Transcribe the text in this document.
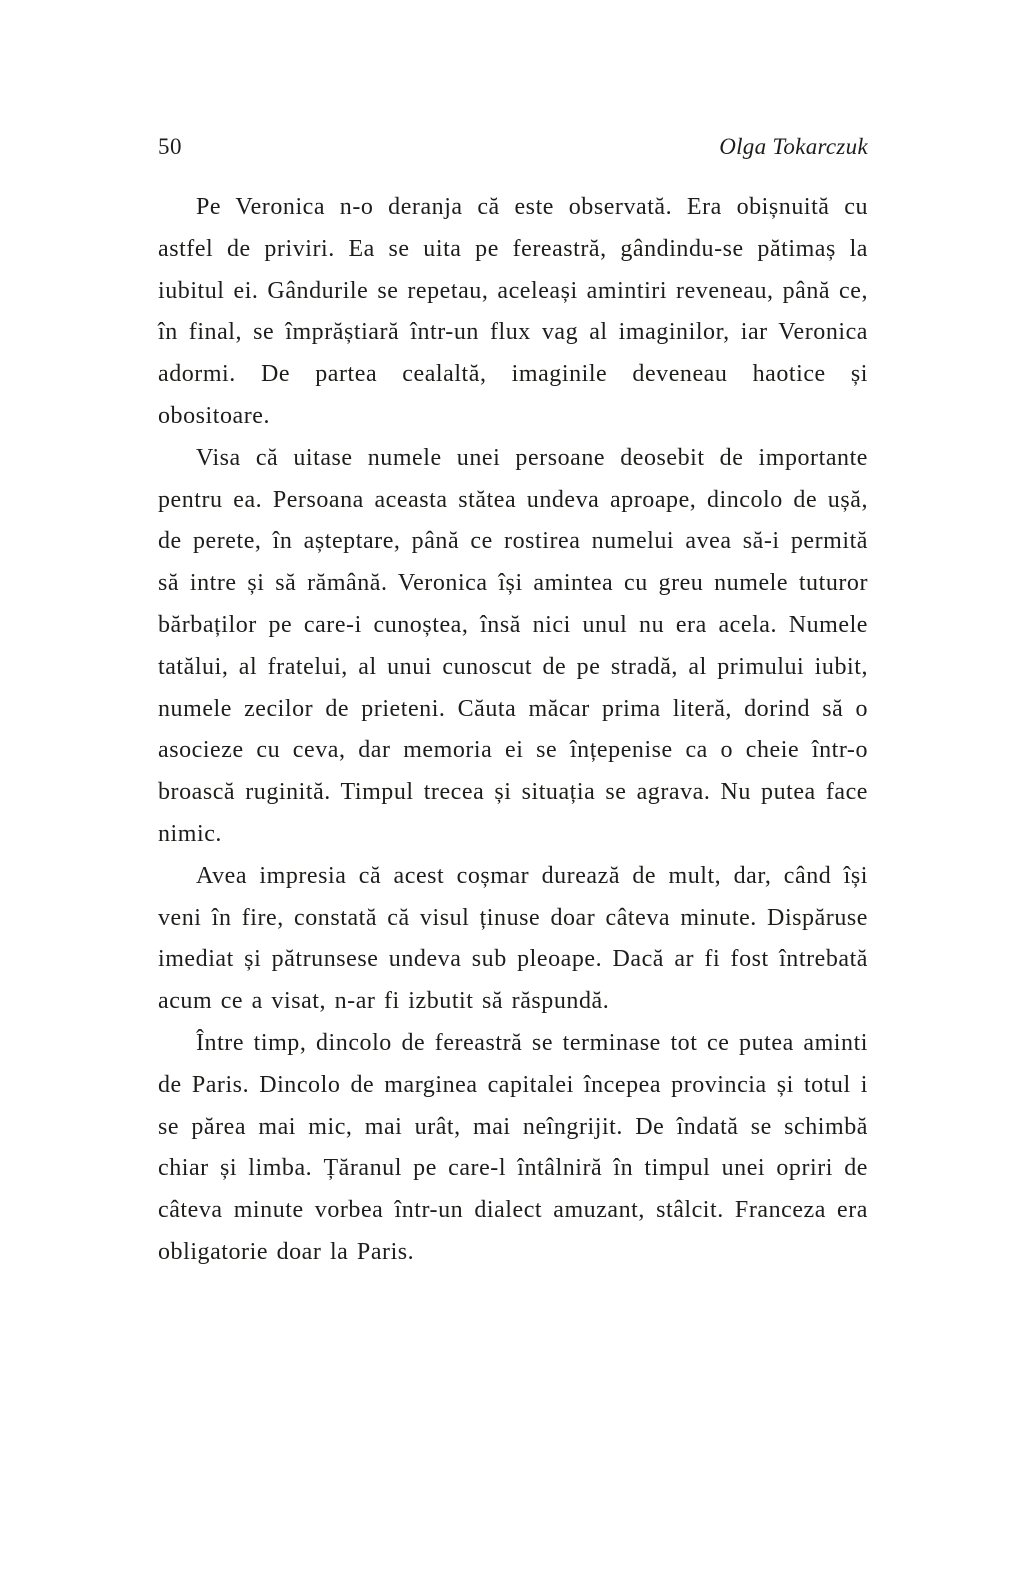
50	Olga Tokarczuk

Pe Veronica n-o deranja că este observată. Era obișnuită cu astfel de priviri. Ea se uita pe fereastră, gândindu-se pătimaș la iubitul ei. Gândurile se repetau, aceleași amintiri reveneau, până ce, în final, se împrăștiară într-un flux vag al imaginilor, iar Veronica adormi. De partea cealaltă, imaginile deveneau haotice și obositoare.

Visa că uitase numele unei persoane deosebit de importante pentru ea. Persoana aceasta stătea undeva aproape, dincolo de ușă, de perete, în așteptare, până ce rostirea numelui avea să-i permită să intre și să rămână. Veronica își amintea cu greu numele tuturor bărbaților pe care-i cunoștea, însă nici unul nu era acela. Numele tatălui, al fratelui, al unui cunoscut de pe stradă, al primului iubit, numele zecilor de prieteni. Căuta măcar prima literă, dorind să o asocieze cu ceva, dar memoria ei se înțepenise ca o cheie într-o broască ruginită. Timpul trecea și situația se agrava. Nu putea face nimic.

Avea impresia că acest coșmar durează de mult, dar, când își veni în fire, constată că visul ținuse doar câteva minute. Dispăruse imediat și pătrunsese undeva sub pleoape. Dacă ar fi fost întrebată acum ce a visat, n-ar fi izbutit să răspundă.

Între timp, dincolo de fereastră se terminase tot ce putea aminti de Paris. Dincolo de marginea capitalei începea provincia și totul i se părea mai mic, mai urât, mai neîngrijit. De îndată se schimbă chiar și limba. Țăranul pe care-l întâlniră în timpul unei opriri de câteva minute vorbea într-un dialect amuzant, stâlcit. Franceza era obligatorie doar la Paris.
